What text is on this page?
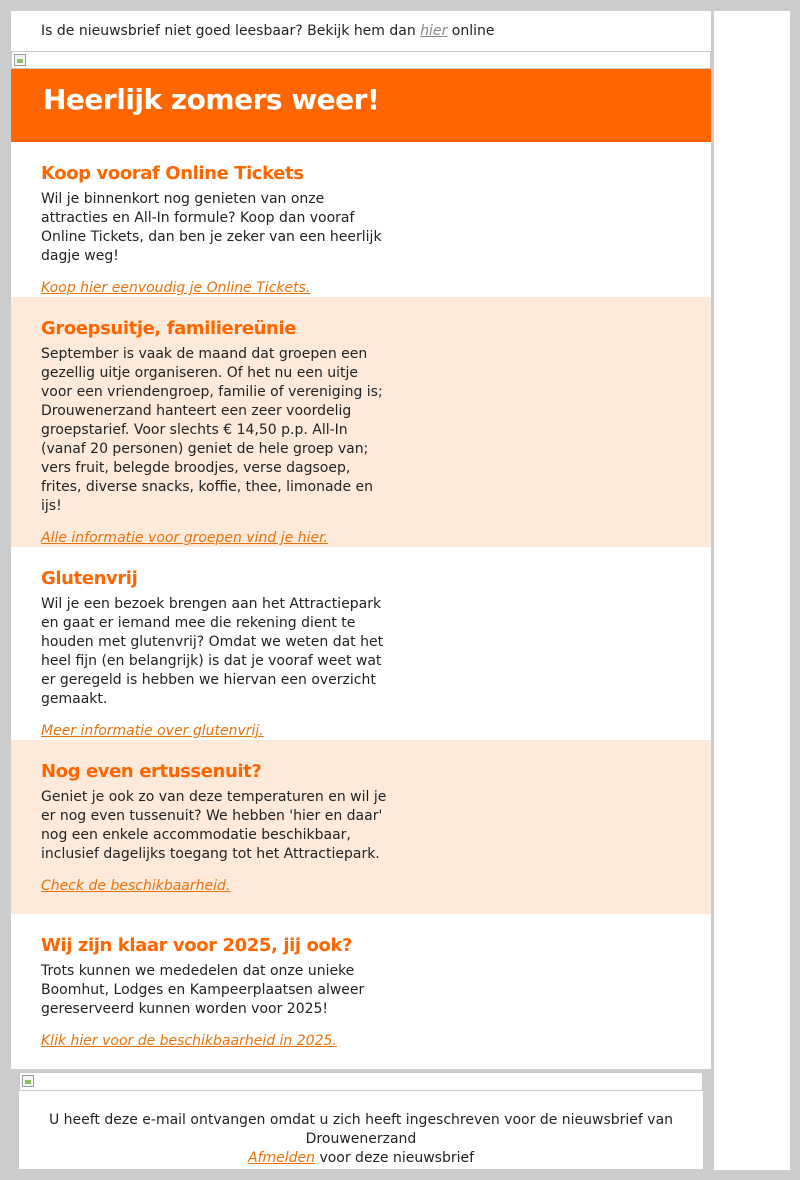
Is de nieuwsbrief niet goed leesbaar? Bekijk hem dan hier online
Heerlijk zomers weer!
Koop vooraf Online Tickets

Wil je binnenkort nog genieten van onze attracties en All-In formule? Koop dan vooraf Online Tickets, dan ben je zeker van een heerlijk dagje weg!

Koop hier eenvoudig je Online Tickets.
Groepsuitje, familiereünie

September is vaak de maand dat groepen een gezellig uitje organiseren. Of het nu een uitje voor een vriendengroep, familie of vereniging is; Drouwenerzand hanteert een zeer voordelig groepstarief. Voor slechts € 14,50 p.p. All-In (vanaf 20 personen) geniet de hele groep van; vers fruit, belegde broodjes, verse dagsoep, frites, diverse snacks, koffie, thee, limonade en ijs!

Alle informatie voor groepen vind je hier.
Glutenvrij

Wil je een bezoek brengen aan het Attractiepark en gaat er iemand mee die rekening dient te houden met glutenvrij? Omdat we weten dat het heel fijn (en belangrijk) is dat je vooraf weet wat er geregeld is hebben we hiervan een overzicht gemaakt.

Meer informatie over glutenvrij.
Nog even ertussenuit?

Geniet je ook zo van deze temperaturen en wil je er nog even tussenuit? We hebben 'hier en daar' nog een enkele accommodatie beschikbaar, inclusief dagelijks toegang tot het Attractiepark.

Check de beschikbaarheid.
Wij zijn klaar voor 2025, jij ook?

Trots kunnen we mededelen dat onze unieke Boomhut, Lodges en Kampeerplaatsen alweer gereserveerd kunnen worden voor 2025!

Klik hier voor de beschikbaarheid in 2025.
U heeft deze e-mail ontvangen omdat u zich heeft ingeschreven voor de nieuwsbrief van Drouwenerzand
Afmelden voor deze nieuwsbrief
